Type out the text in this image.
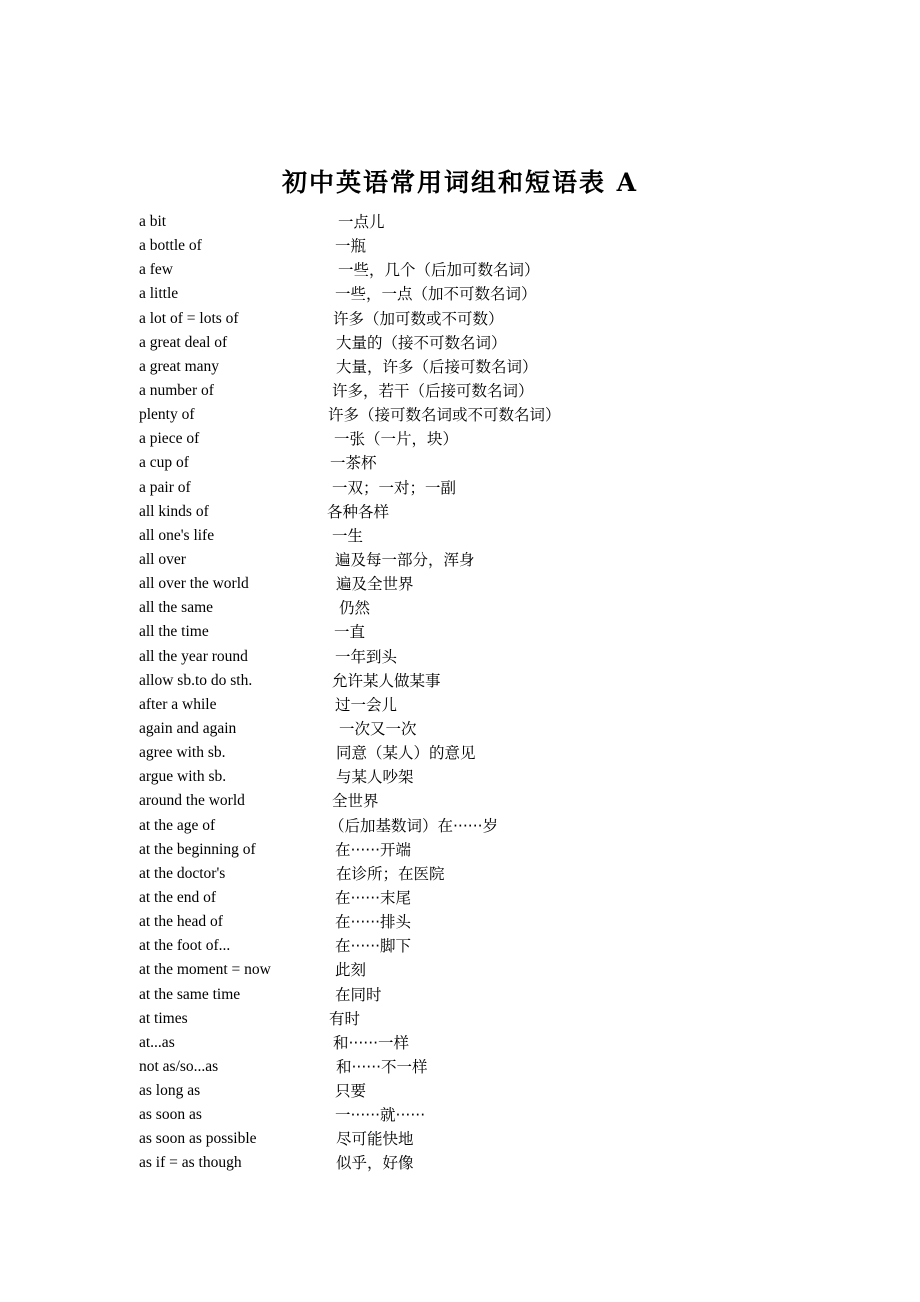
初中英语常用词组和短语表 A
a bit	一点儿
a bottle of	一瓶
a few	一些，几个（后加可数名词）
a little	一些，一点（加不可数名词）
a lot of = lots of	许多（加可数或不可数）
a great deal of	大量的（接不可数名词）
a great many	大量，许多（后接可数名词）
a number of	许多，若干（后接可数名词）
plenty of	许多（接可数名词或不可数名词）
a piece of	一张（一片，块）
a cup of	一茶杯
a pair of	一双；一对；一副
all kinds of	各种各样
all one's life	一生
all over	遍及每一部分，浑身
all over the world	遍及全世界
all the same	仍然
all the time	一直
all the year round	一年到头
allow sb.to do sth.	允许某人做某事
after a while	过一会儿
again and again	一次又一次
agree with sb.	同意（某人）的意见
argue with sb.	与某人吵架
around the world	全世界
at the age of	（后加基数词）在······岁
at the beginning of	在······开端
at the doctor's	在诊所；在医院
at the end of	在······末尾
at the head of	在······排头
at the foot of...	在······脚下
at the moment = now	此刻
at the same time	在同时
at times	有时
at...as	和······一样
not as/so...as	和······不一样
as long as	只要
as soon as	一······就······
as soon as possible	尽可能快地
as if = as though	似乎，好像
